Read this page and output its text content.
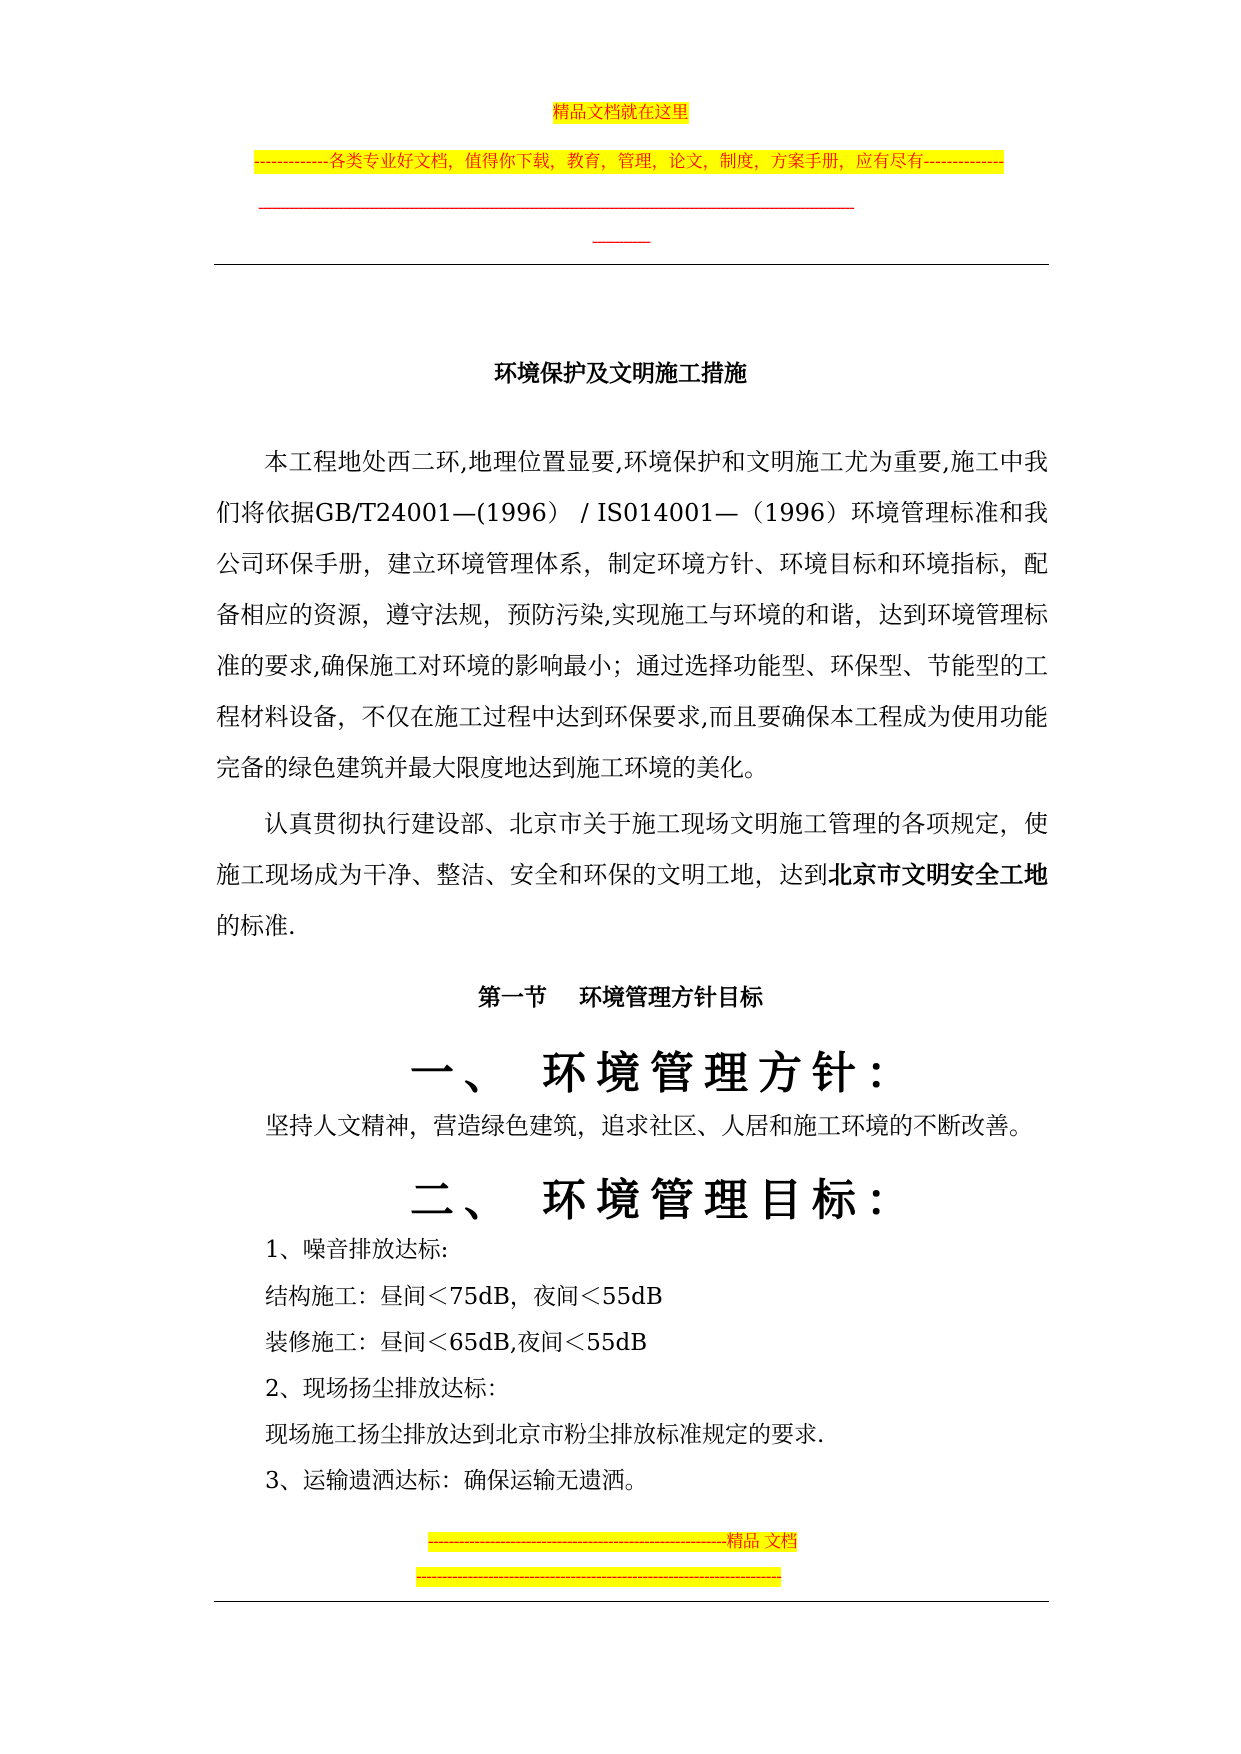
精品文档就在这里
-------------各类专业好文档，值得你下载，教育，管理，论文，制度，方案手册，应有尽有--------------
--------------------------------------------------------------------------------------------------------------------------------------
-------------
环境保护及文明施工措施

本工程地处西二环,地理位置显要,环境保护和文明施工尤为重要,施工中我们将依据GB/T24001—(1996） / IS014001—（1996）环境管理标准和我公司环保手册，建立环境管理体系，制定环境方针、环境目标和环境指标，配备相应的资源，遵守法规，预防污染,实现施工与环境的和谐，达到环境管理标准的要求,确保施工对环境的影响最小；通过选择功能型、环保型、节能型的工程材料设备，不仅在施工过程中达到环保要求,而且要确保本工程成为使用功能完备的绿色建筑并最大限度地达到施工环境的美化。

认真贯彻执行建设部、北京市关于施工现场文明施工管理的各项规定，使施工现场成为干净、整洁、安全和环保的文明工地，达到北京市文明安全工地的标准.

第一节    环境管理方针目标
一、 环境管理方针：
坚持人文精神，营造绿色建筑，追求社区、人居和施工环境的不断改善。
二、 环境管理目标：
1、噪音排放达标:
结构施工：昼间＜75dB，夜间＜55dB
装修施工：昼间＜65dB,夜间＜55dB
2、现场扬尘排放达标：
现场施工扬尘排放达到北京市粉尘排放标准规定的要求.
3、运输遗洒达标：确保运输无遗洒。
----------------------------------------------------------精品 文档
-----------------------------------------------------------------------
